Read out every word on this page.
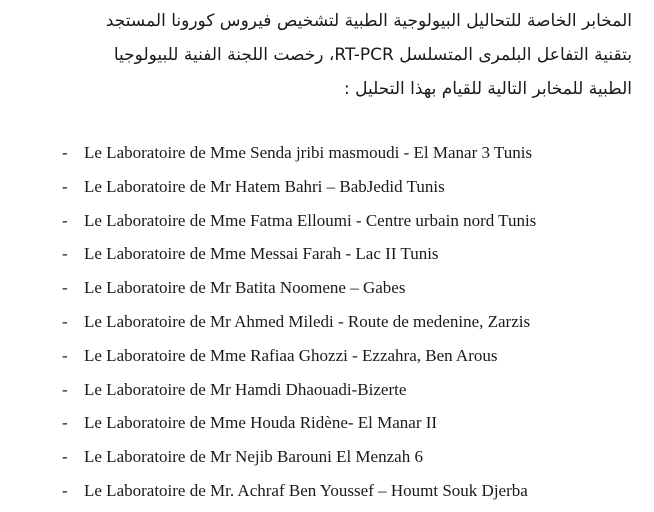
المخابر الخاصة للتحاليل البيولوجية الطبية لتشخيص فيروس كورونا المستجد
بتقنية التفاعل البلمرى المتسلسل RT-PCR، رخصت اللجنة الفنية للبيولوجيا
الطبية للمخابر التالية للقيام بهذا التحليل :
- Le Laboratoire de Mme Senda jribi masmoudi - El Manar 3 Tunis
- Le Laboratoire de Mr Hatem Bahri – BabJedid Tunis
- Le Laboratoire de Mme Fatma Elloumi - Centre urbain nord Tunis
- Le Laboratoire de Mme Messai Farah - Lac II Tunis
- Le Laboratoire de Mr Batita Noomene – Gabes
- Le Laboratoire de Mr Ahmed Miledi - Route de medenine, Zarzis
- Le Laboratoire de Mme Rafiaa Ghozzi - Ezzahra, Ben Arous
- Le Laboratoire de Mr Hamdi Dhaouadi-Bizerte
- Le Laboratoire de Mme Houda Ridène- El Manar II
- Le Laboratoire de Mr Nejib Barouni El Menzah 6
- Le Laboratoire de Mr. Achraf Ben Youssef – Houmt Souk Djerba
